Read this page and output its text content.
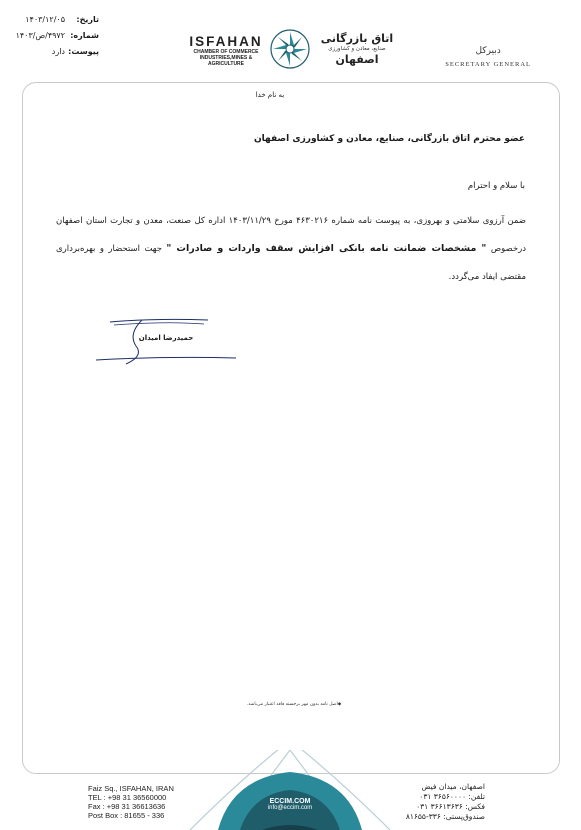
تاریخ:
۱۴۰۳/۱۲/۰۵
شماره:
۴۹۷۲/ص/۱۴۰۳
پیوست:
دارد
ISFAHAN
CHAMBER OF COMMERCE
INDUSTRIES,MINES & AGRICULTURE
اتاق بازرگانی
صنایع، معادن و کشاورزی
اصفهان
دبیرکل
SECRETARY GENERAL
به نام خدا
عضو محترم اتاق بازرگانی، صنایع، معادن و کشاورزی اصفهان
با سلام و احترام
ضمن آرزوی سلامتی و بهروزی، به پیوست نامه شماره ۴۶۳۰۲۱۶ مورخ ۱۴۰۳/۱۱/۲۹ اداره کل صنعت، معدن و تجارت استان اصفهان درخصوص " مشخصات ضمانت نامه بانکی افزایش سقف واردات و صادرات " جهت استحضار و بهره‌برداری مقتضی ایفاد می‌گردد.
حمیدرضا امیدان
◆اصل نامه بدون مهر برجسته فاقد اعتبار می‌باشد.
Faiz Sq., ISFAHAN, IRAN
TEL : +98 31 36560000
Fax : +98 31 36613636
Post Box : 81655 - 336
ECCIM.COM
info@eccim.com
اصفهان، میدان فیض
تلفن: ۳۶۵۶۰۰۰۰ ۰۳۱
فکس: ۳۶۶۱۳۶۳۶ ۰۳۱
صندوق‌پستی: ۳۳۶-۸۱۶۵۵
